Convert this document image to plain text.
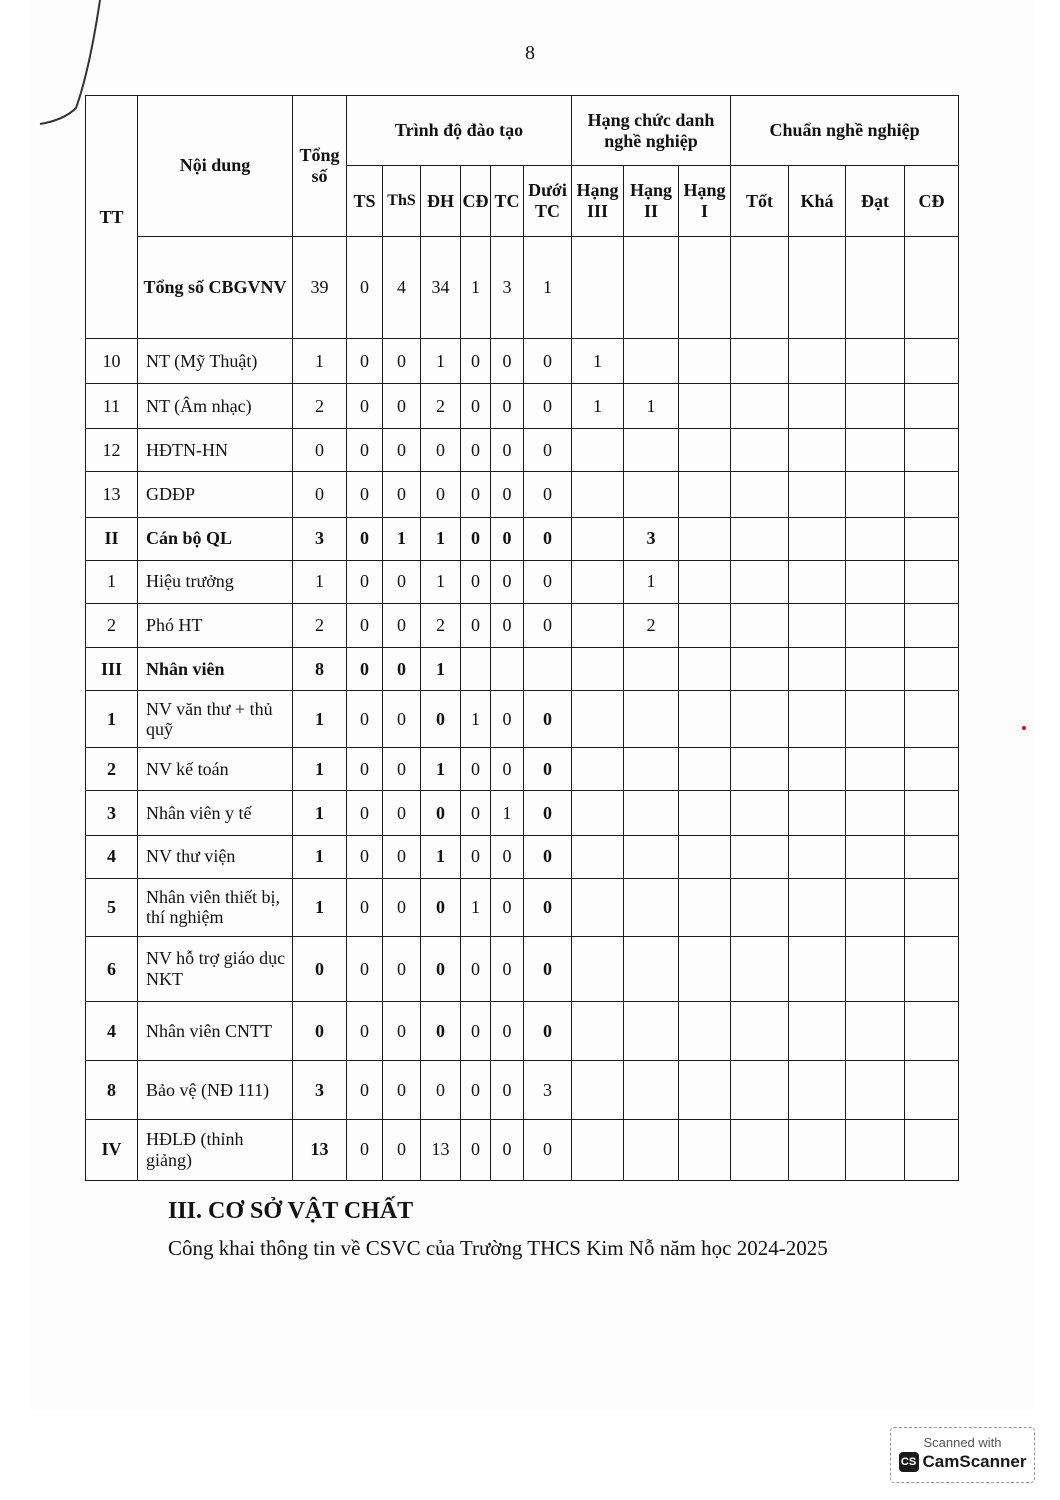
8
TT	Nội dung	Tổng số	Trình độ đào tạo						Hạng chức danh nghề nghiệp			Chuẩn nghề nghiệp			
			TS	ThS	ĐH	CĐ	TC	Dưới TC	Hạng III	Hạng II	Hạng I	Tốt	Khá	Đạt	CĐ
	Tổng số CBGVNV	39	0	4	34	1	3	1							
10	NT (Mỹ Thuật)	1	0	0	1	0	0	0	1						
11	NT (Âm nhạc)	2	0	0	2	0	0	0	1	1					
12	HĐTN-HN	0	0	0	0	0	0	0							
13	GDĐP	0	0	0	0	0	0	0							
II	Cán bộ QL	3	0	1	1	0	0	0		3					
1	Hiệu trưởng	1	0	0	1	0	0	0		1					
2	Phó HT	2	0	0	2	0	0	0		2					
III	Nhân viên	8	0	0	1										
1	NV văn thư + thủ quỹ	1	0	0	0	1	0	0							
2	NV kế toán	1	0	0	1	0	0	0							
3	Nhân viên y tế	1	0	0	0	0	1	0							
4	NV thư viện	1	0	0	1	0	0	0							
5	Nhân viên thiết bị, thí nghiệm	1	0	0	0	1	0	0							
6	NV hỗ trợ giáo dục NKT	0	0	0	0	0	0	0							
4	Nhân viên CNTT	0	0	0	0	0	0	0							
8	Bảo vệ (NĐ 111)	3	0	0	0	0	0	3							
IV	HĐLĐ (thỉnh giảng)	13	0	0	13	0	0	0							
III. CƠ SỞ VẬT CHẤT
Công khai thông tin về CSVC của Trường THCS Kim Nỗ năm học 2024-2025
Scanned with
CS CamScanner
